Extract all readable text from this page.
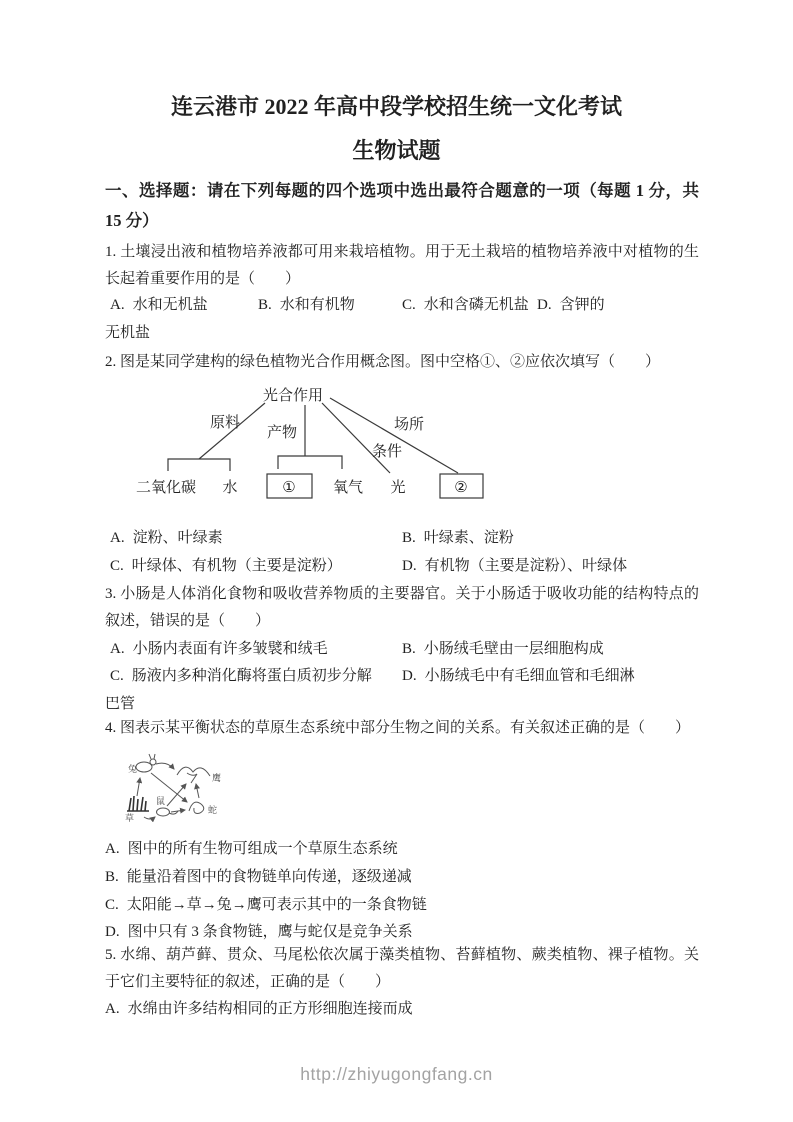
连云港市 2022 年高中段学校招生统一文化考试
生物试题
一、选择题：请在下列每题的四个选项中选出最符合题意的一项（每题 1 分，共 15 分）
1. 土壤浸出液和植物培养液都可用来栽培植物。用于无土栽培的植物培养液中对植物的生长起着重要作用的是（　　）
A. 水和无机盐	B. 水和有机物	C. 水和含磷无机盐 D. 含钾的
无机盐
2. 图是某同学建构的绿色植物光合作用概念图。图中空格①、②应依次填写（　　）
光合作用
原料
产物
条件
场所
二氧化碳 水	① 氧气 光	②
A. 淀粉、叶绿素	B. 叶绿素、淀粉
C. 叶绿体、有机物（主要是淀粉）	D. 有机物（主要是淀粉）、叶绿体
3. 小肠是人体消化食物和吸收营养物质的主要器官。关于小肠适于吸收功能的结构特点的叙述，错误的是（　　）
A. 小肠内表面有许多皱襞和绒毛	B. 小肠绒毛壁由一层细胞构成
C. 肠液内多种消化酶将蛋白质初步分解 D. 小肠绒毛中有毛细血管和毛细淋
巴管
4. 图表示某平衡状态的草原生态系统中部分生物之间的关系。有关叙述正确的是（　　）
兔
鹰
草
鼠
蛇
A. 图中的所有生物可组成一个草原生态系统
B. 能量沿着图中的食物链单向传递，逐级递减
C. 太阳能→草→兔→鹰可表示其中的一条食物链
D. 图中只有 3 条食物链，鹰与蛇仅是竞争关系
5. 水绵、葫芦藓、贯众、马尾松依次属于藻类植物、苔藓植物、蕨类植物、裸子植物。关于它们主要特征的叙述，正确的是（　　）
A. 水绵由许多结构相同的正方形细胞连接而成
http://zhiyugongfang.cn
